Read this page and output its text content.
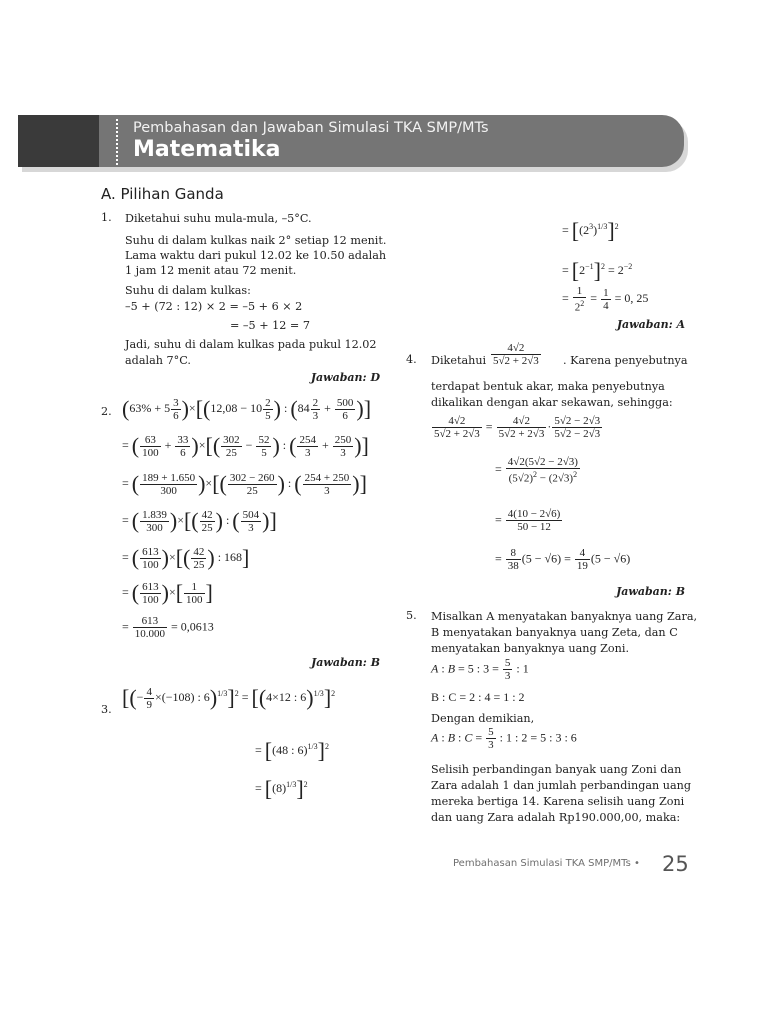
Pembahasan dan Jawaban Simulasi TKA SMP/MTs
Matematika
A. Pilihan Ganda
1. Diketahui suhu mula-mula, –5°C.
Suhu di dalam kulkas naik 2° setiap 12 menit.
Lama waktu dari pukul 12.02 ke 10.50 adalah
1 jam 12 menit atau 72 menit.
Suhu di dalam kulkas:
–5 + (72 : 12) × 2 = –5 + 6 × 2
= –5 + 12 = 7
Jadi, suhu di dalam kulkas pada pukul 12.02
adalah 7°C.
Jawaban: D
2. $(63\% + 5 \frac{3}{6} )\times[(12,08 - 10 \frac{2}{5}$ ) : ($84 \frac{2}{3} + \frac{500}{6}$ )]
= ( $\frac{63}{100} + \frac{33}{6}$ )×[( $\frac{302}{25} - \frac{52}{5}$ ) : ( $\frac{254}{3} + \frac{250}{3}$ )]
= ( $\frac{189 + 1.650}{300}$ )×[( $\frac{302 - 260}{25}$ ) : ( $\frac{254 + 250}{3}$ )]
= ( $\frac{1.839}{300}$ )×[( $\frac{42}{25}$ ) : ( $\frac{504}{3}$ )]
= ( $\frac{613}{100}$ )×[( $\frac{42}{25}$ ) : 168]
= ( $\frac{613}{100}$ )×[ $\frac{1}{100}$ ]
= $\frac{613}{10.000} = 0,0613$
Jawaban: B
3. [(− $\frac{4}{9} \times(-108)$ : 6)$^{1/3}$]$^2$ = [(4×12 : 6)$^{1/3}$]$^2$
= [(48 : 6)$^{1/3}$]$^2$
= $[(8)^{1/3}]^2$
= $[(2^3)^{1/3}]^2$
= $[2^{-1}]^2 = 2^{-2}$
= $\frac{1}{2^2} = \frac{1}{4} = 0$, 25
Jawaban: A
4. Diketahui $\frac{4√2}{5√2 + 2√3}$ . Karena penyebutnya
terdapat bentuk akar, maka penyebutnya
dikalikan dengan akar sekawan, sehingga:
$\frac{4√2}{5√2 + 2√3} = \frac{4√2}{5√2 + 2√3} \cdot \frac{5√2 - 2√3}{5√2 - 2√3}$
= $\frac{4√2(5√2 - 2√3)}{(5√2)^2 - (2√3)^2}$
= $\frac{4(10 - 2√6)}{50 - 12}$
= $\frac{8}{38} (5 - √6) = \frac{4}{19} (5 - √6)$
Jawaban: B
5. Misalkan A menyatakan banyaknya uang Zara,
B menyatakan banyaknya uang Zeta, dan C
menyatakan banyaknya uang Zoni.
A : B = 5 : $3 = \frac{5}{3}$ : 1
B : C = 2 : 4 = 1 : 2
Dengan demikian,
A : B : $C = \frac{5}{3}$ : 1 : 2 = 5 : 3 : 6
Selisih perbandingan banyak uang Zoni dan
Zara adalah 1 dan jumlah perbandingan uang
mereka bertiga 14. Karena selisih uang Zoni
dan uang Zara adalah Rp190.000,00, maka:
Pembahasan Simulasi TKA SMP/MTs • 25
